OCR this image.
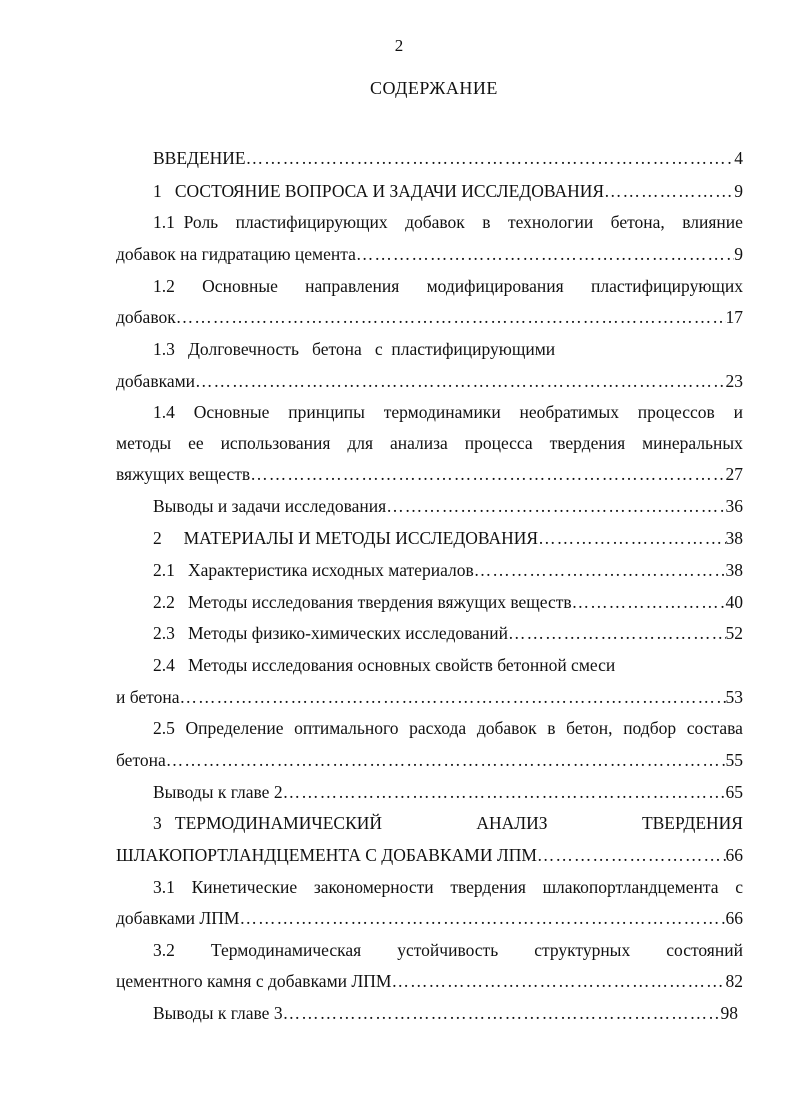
2
СОДЕРЖАНИЕ
ВВЕДЕНИЕ ………………………………………………………………………………………………………………………………………………………………………………	4
1   СОСТОЯНИЕ ВОПРОСА И ЗАДАЧИ ИССЛЕДОВАНИЯ ………………………………………………………………………………………………………………………………………………………………………………	9
1.1  Роль пластифицирующих добавок в технологии бетона, влияние
добавок на гидратацию цемента ………………………………………………………………………………………………………………………………………………………………………………	9
1.2 Основные направления модифицирования пластифицирующих
добавок ………………………………………………………………………………………………………………………………………………………………………………	17
1.3   Долговечность   бетона   с  пластифицирующими
добавками ………………………………………………………………………………………………………………………………………………………………………………	23
1.4 Основные принципы термодинамики необратимых процессов и
методы ее использования для анализа процесса твердения минеральных
вяжущих веществ ………………………………………………………………………………………………………………………………………………………………………………	27
Выводы и задачи исследования ………………………………………………………………………………………………………………………………………………………………………………	36
2     МАТЕРИАЛЫ И МЕТОДЫ ИССЛЕДОВАНИЯ ………………………………………………………………………………………………………………………………………………………………………………	38
2.1   Характеристика исходных материалов ………………………………………………………………………………………………………………………………………………………………………………	38
2.2   Методы исследования твердения вяжущих веществ ………………………………………………………………………………………………………………………………………………………………………………	40
2.3   Методы физико-химических исследований ………………………………………………………………………………………………………………………………………………………………………………	52
2.4   Методы исследования основных свойств бетонной смеси
и бетона ………………………………………………………………………………………………………………………………………………………………………………	53
2.5 Определение оптимального расхода добавок в бетон, подбор состава
бетона ………………………………………………………………………………………………………………………………………………………………………………	55
Выводы к главе 2 ………………………………………………………………………………………………………………………………………………………………………………	65
3   ТЕРМОДИНАМИЧЕСКИЙ	АНАЛИЗ	ТВЕРДЕНИЯ
ШЛАКОПОРТЛАНДЦЕМЕНТА С ДОБАВКАМИ ЛПМ ………………………………………………………………………………………………………………………………………………………………………………	66
3.1 Кинетические закономерности твердения шлакопортландцемента с
добавками ЛПМ ………………………………………………………………………………………………………………………………………………………………………………	66
3.2 Термодинамическая устойчивость структурных состояний
цементного камня с добавками ЛПМ ………………………………………………………………………………………………………………………………………………………………………………	82
Выводы к главе 3 ………………………………………………………………………………………………………………………………………………………………………………	98
